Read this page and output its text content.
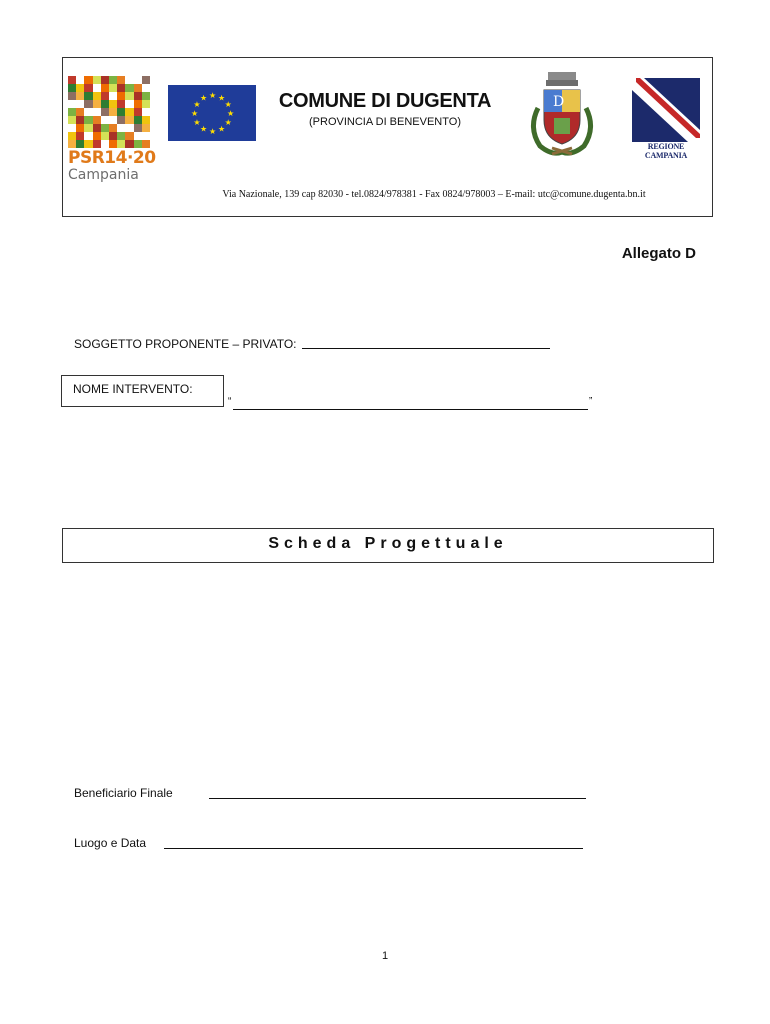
PSR14·20
Campania
★ ★
★
★
★
★
★
★
★
★
★
★	COMUNE DI DUGENTA
(PROVINCIA DI BENEVENTO)
D
REGIONE CAMPANIA
Via Nazionale, 139 cap 82030 - tel.0824/978381 - Fax 0824/978003 – E-mail: utc@comune.dugenta.bn.it
Allegato D
SOGGETTO PROPONENTE – PRIVATO:
NOME INTERVENTO:
“	”
Scheda Progettuale
Beneficiario Finale
Luogo e Data
1
